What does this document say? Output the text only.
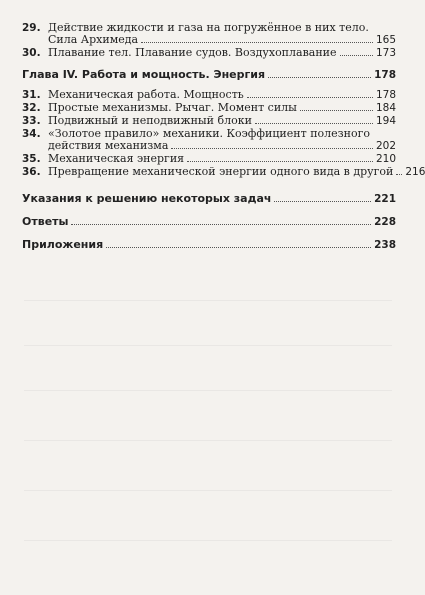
29. Действие жидкости и газа на погружённое в них тело.
Сила Архимеда	165
30. Плавание тел. Плавание судов. Воздухоплавание	173
Глава IV. Работа и мощность. Энергия	178
31. Механическая работа. Мощность	178
32. Простые механизмы. Рычаг. Момент силы	184
33. Подвижный и неподвижный блоки	194
34. «Золотое правило» механики. Коэффициент полезного
действия механизма	202
35. Механическая энергия	210
36. Превращение механической энергии одного вида в другой 216
Указания к решению некоторых задач	221
Ответы	228
Приложения	238
